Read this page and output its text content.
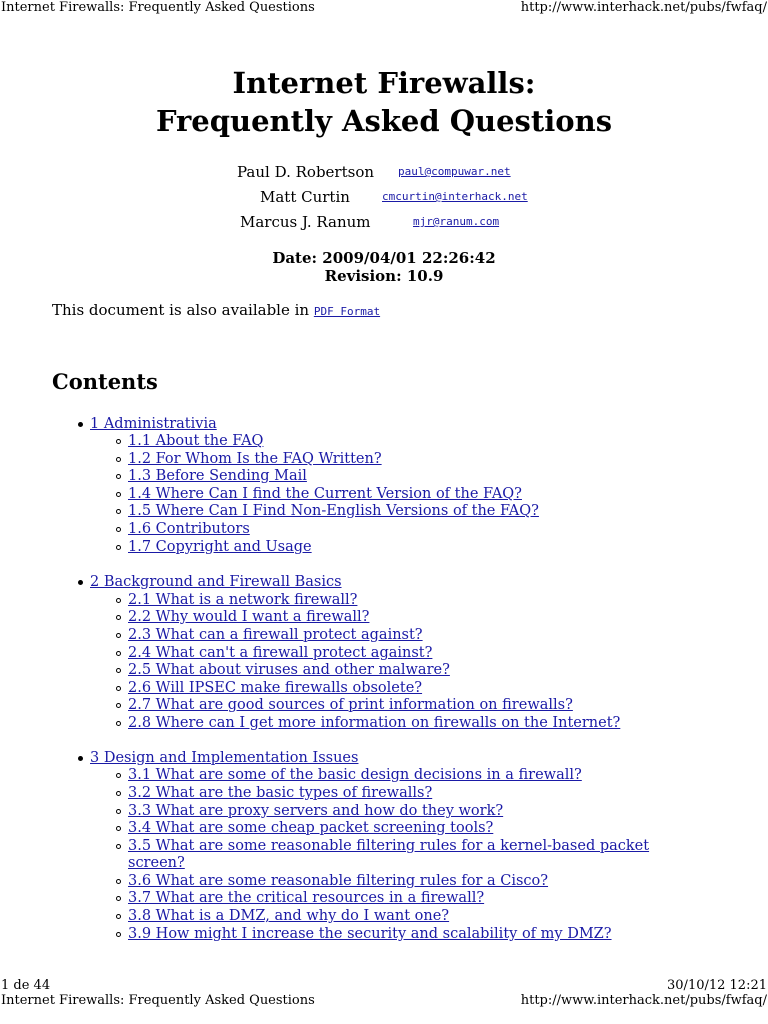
Internet Firewalls: Frequently Asked Questions	http://www.interhack.net/pubs/fwfaq/
Internet Firewalls:
Frequently Asked Questions
Paul D. Robertson paul@compuwar.net
Matt Curtin	cmcurtin@interhack.net
Marcus J. Ranum	mjr@ranum.com
Date: 2009/04/01 22:26:42
Revision: 10.9
This document is also available in PDF Format
Contents
1 Administrativia
1.1 About the FAQ
1.2 For Whom Is the FAQ Written?
1.3 Before Sending Mail
1.4 Where Can I find the Current Version of the FAQ?
1.5 Where Can I Find Non-English Versions of the FAQ?
1.6 Contributors
1.7 Copyright and Usage
2 Background and Firewall Basics
2.1 What is a network firewall?
2.2 Why would I want a firewall?
2.3 What can a firewall protect against?
2.4 What can't a firewall protect against?
2.5 What about viruses and other malware?
2.6 Will IPSEC make firewalls obsolete?
2.7 What are good sources of print information on firewalls?
2.8 Where can I get more information on firewalls on the Internet?
3 Design and Implementation Issues
3.1 What are some of the basic design decisions in a firewall?
3.2 What are the basic types of firewalls?
3.3 What are proxy servers and how do they work?
3.4 What are some cheap packet screening tools?
3.5 What are some reasonable filtering rules for a kernel-based packet
screen?
3.6 What are some reasonable filtering rules for a Cisco?
3.7 What are the critical resources in a firewall?
3.8 What is a DMZ, and why do I want one?
3.9 How might I increase the security and scalability of my DMZ?
1 de 44	30/10/12 12:21
Internet Firewalls: Frequently Asked Questions	http://www.interhack.net/pubs/fwfaq/
